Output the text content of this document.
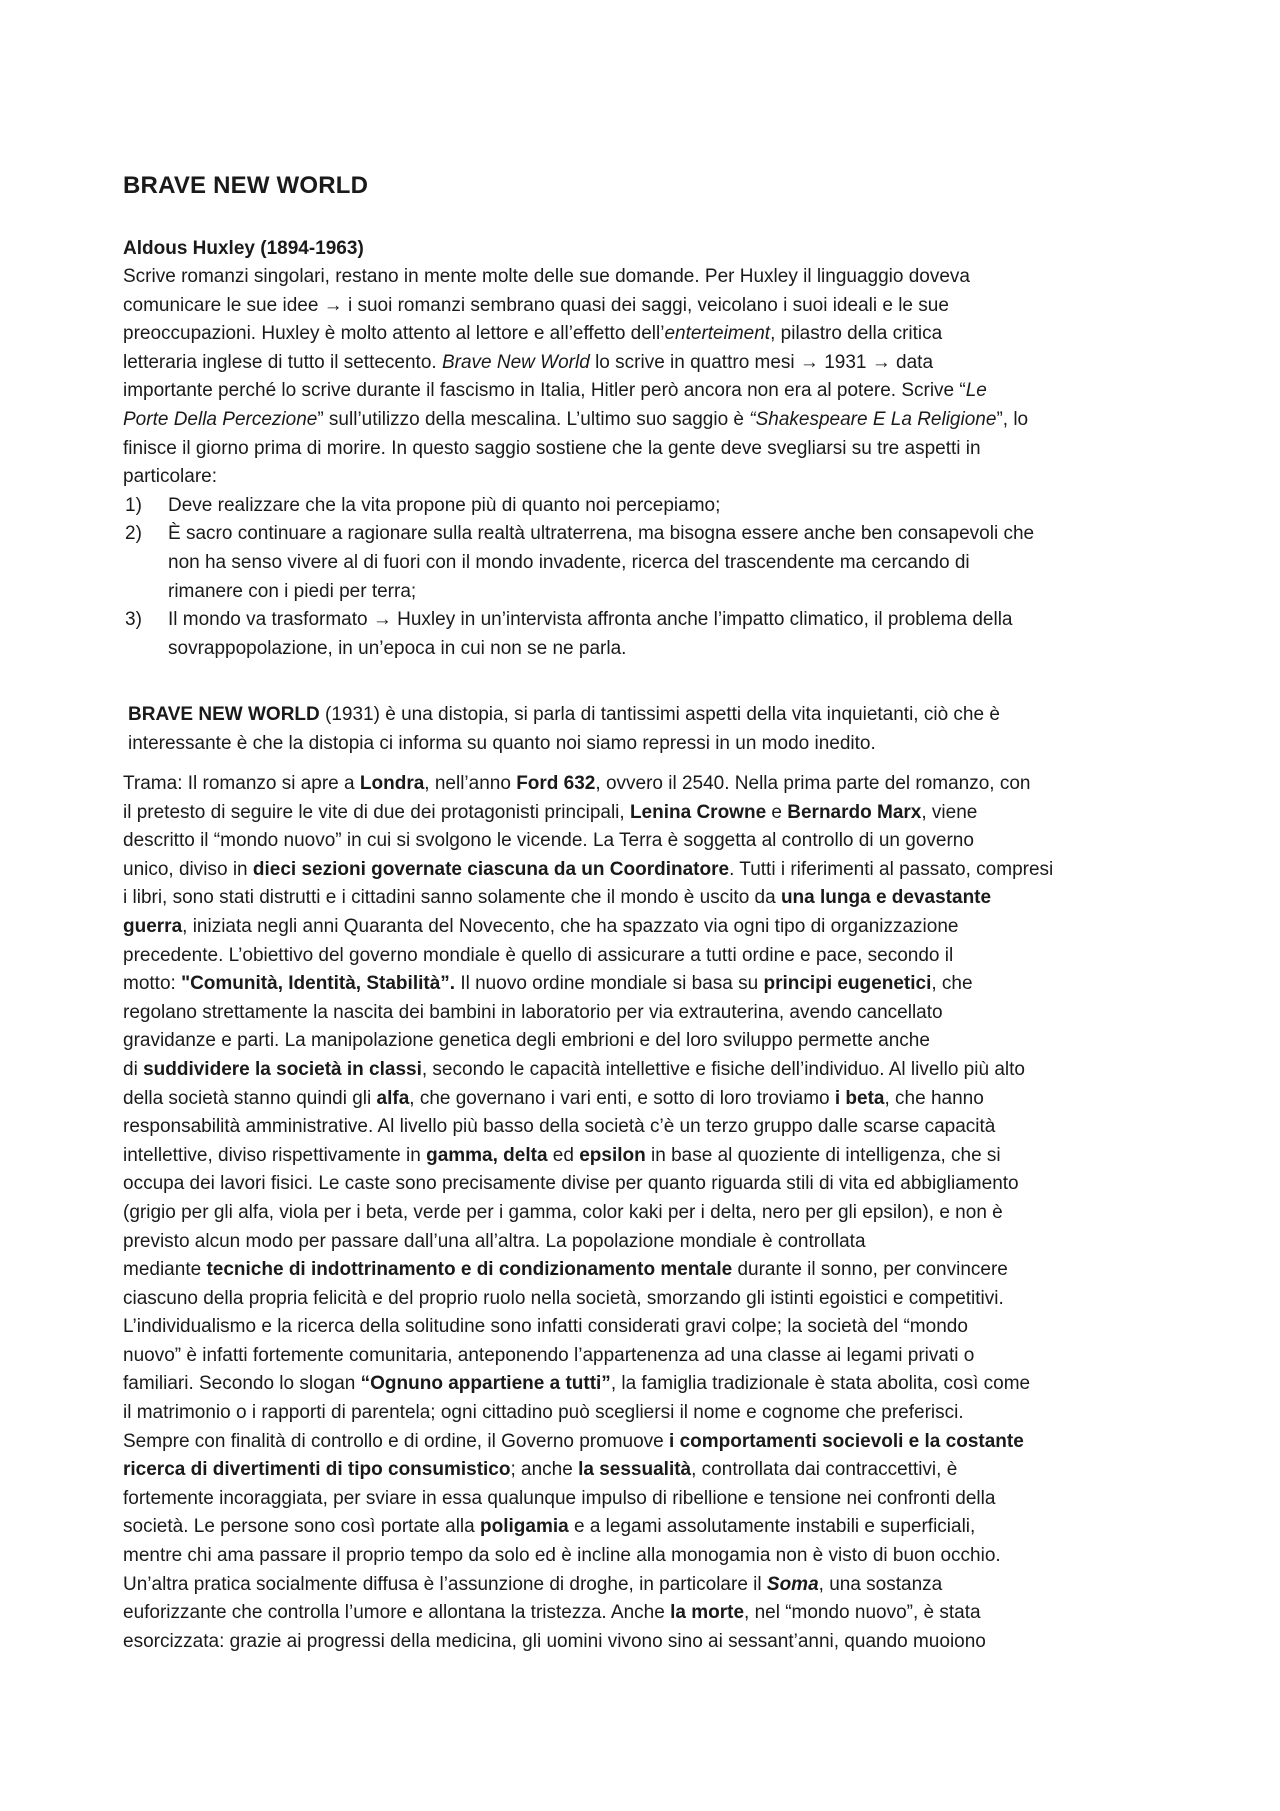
BRAVE NEW WORLD
Aldous Huxley (1894-1963)
Scrive romanzi singolari, restano in mente molte delle sue domande. Per Huxley il linguaggio doveva
comunicare le sue idee → i suoi romanzi sembrano quasi dei saggi, veicolano i suoi ideali e le sue
preoccupazioni. Huxley è molto attento al lettore e all’effetto dell’enterteiment, pilastro della critica
letteraria inglese di tutto il settecento. Brave New World lo scrive in quattro mesi → 1931 → data
importante perché lo scrive durante il fascismo in Italia, Hitler però ancora non era al potere. Scrive “Le
Porte Della Percezione” sull’utilizzo della mescalina. L’ultimo suo saggio è “Shakespeare E La Religione”, lo
finisce il giorno prima di morire. In questo saggio sostiene che la gente deve svegliarsi su tre aspetti in
particolare:
1) Deve realizzare che la vita propone più di quanto noi percepiamo;
2) È sacro continuare a ragionare sulla realtà ultraterrena, ma bisogna essere anche ben consapevoli che
non ha senso vivere al di fuori con il mondo invadente, ricerca del trascendente ma cercando di
rimanere con i piedi per terra;
3) Il mondo va trasformato → Huxley in un’intervista affronta anche l’impatto climatico, il problema della
sovrappopolazione, in un’epoca in cui non se ne parla.
BRAVE NEW WORLD (1931) è una distopia, si parla di tantissimi aspetti della vita inquietanti, ciò che è
interessante è che la distopia ci informa su quanto noi siamo repressi in un modo inedito.
Trama: Il romanzo si apre a Londra, nell’anno Ford 632, ovvero il 2540. Nella prima parte del romanzo, con
il pretesto di seguire le vite di due dei protagonisti principali, Lenina Crowne e Bernardo Marx, viene
descritto il “mondo nuovo” in cui si svolgono le vicende. La Terra è soggetta al controllo di un governo
unico, diviso in dieci sezioni governate ciascuna da un Coordinatore. Tutti i riferimenti al passato, compresi
i libri, sono stati distrutti e i cittadini sanno solamente che il mondo è uscito da una lunga e devastante
guerra, iniziata negli anni Quaranta del Novecento, che ha spazzato via ogni tipo di organizzazione
precedente. L’obiettivo del governo mondiale è quello di assicurare a tutti ordine e pace, secondo il
motto: "Comunità, Identità, Stabilità”. Il nuovo ordine mondiale si basa su principi eugenetici, che
regolano strettamente la nascita dei bambini in laboratorio per via extrauterina, avendo cancellato
gravidanze e parti. La manipolazione genetica degli embrioni e del loro sviluppo permette anche
di suddividere la società in classi, secondo le capacità intellettive e fisiche dell’individuo. Al livello più alto
della società stanno quindi gli alfa, che governano i vari enti, e sotto di loro troviamo i beta, che hanno
responsabilità amministrative. Al livello più basso della società c’è un terzo gruppo dalle scarse capacità
intellettive, diviso rispettivamente in gamma, delta ed epsilon in base al quoziente di intelligenza, che si
occupa dei lavori fisici. Le caste sono precisamente divise per quanto riguarda stili di vita ed abbigliamento
(grigio per gli alfa, viola per i beta, verde per i gamma, color kaki per i delta, nero per gli epsilon), e non è
previsto alcun modo per passare dall’una all’altra. La popolazione mondiale è controllata
mediante tecniche di indottrinamento e di condizionamento mentale durante il sonno, per convincere
ciascuno della propria felicità e del proprio ruolo nella società, smorzando gli istinti egoistici e competitivi.
L’individualismo e la ricerca della solitudine sono infatti considerati gravi colpe; la società del “mondo
nuovo” è infatti fortemente comunitaria, anteponendo l’appartenenza ad una classe ai legami privati o
familiari. Secondo lo slogan “Ognuno appartiene a tutti”, la famiglia tradizionale è stata abolita, così come
il matrimonio o i rapporti di parentela; ogni cittadino può scegliersi il nome e cognome che preferisci.
Sempre con finalità di controllo e di ordine, il Governo promuove i comportamenti socievoli e la costante
ricerca di divertimenti di tipo consumistico; anche la sessualità, controllata dai contraccettivi, è
fortemente incoraggiata, per sviare in essa qualunque impulso di ribellione e tensione nei confronti della
società. Le persone sono così portate alla poligamia e a legami assolutamente instabili e superficiali,
mentre chi ama passare il proprio tempo da solo ed è incline alla monogamia non è visto di buon occhio.
Un’altra pratica socialmente diffusa è l’assunzione di droghe, in particolare il Soma, una sostanza
euforizzante che controlla l’umore e allontana la tristezza. Anche la morte, nel “mondo nuovo”, è stata
esorcizzata: grazie ai progressi della medicina, gli uomini vivono sino ai sessant’anni, quando muoiono
